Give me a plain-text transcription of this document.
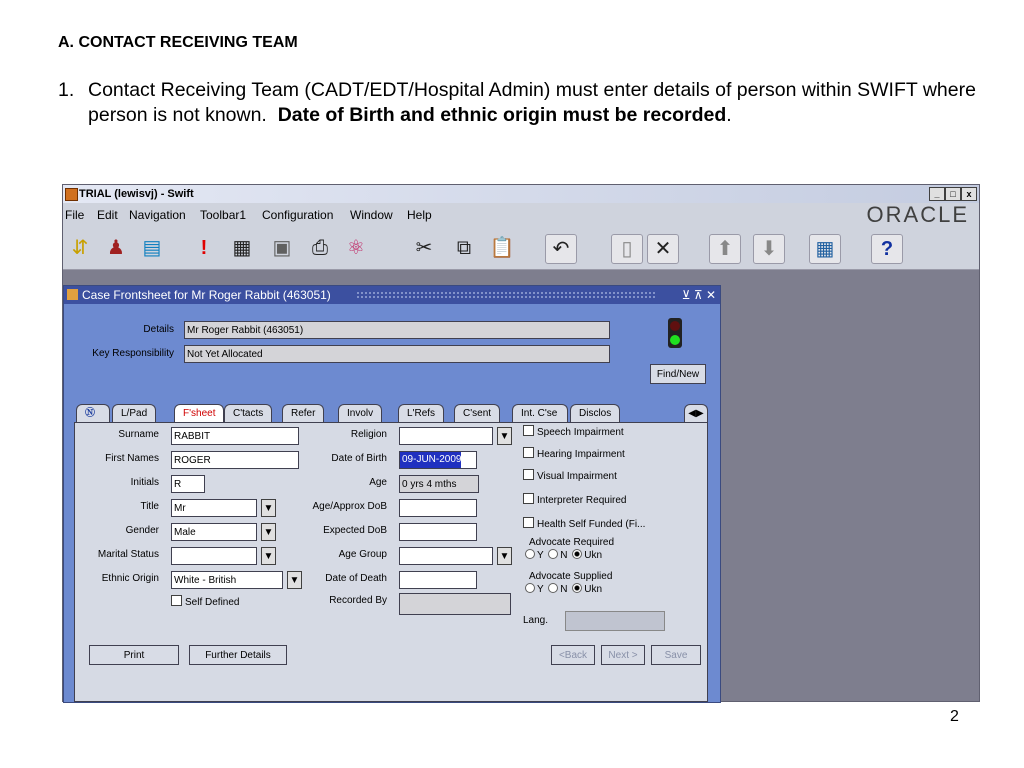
A. CONTACT RECEIVING TEAM
1. Contact Receiving Team (CADT/EDT/Hospital Admin) must enter details of person within SWIFT where person is not known. Date of Birth and ethnic origin must be recorded.
2
TRIAL (lewisvj) - Swift	_	□	x
File Edit Navigation Toolbar1 Configuration Window Help	ORACLE
⇵ ♟ ▤	!	▦ ▣	⎙ ⚛	✂	⧉ 📋	↶	▯	✕	⬆	⬇	▦	?
Case Frontsheet for Mr Roger Rabbit (463051)	⊻ ⊼ ✕
Details	Mr Roger Rabbit (463051)
Key Responsibility	Not Yet Allocated
Find/New
Ⓝ	L/Pad	F'sheet	C'tacts	Refer	Involv	L'Refs	C'sent	Int. C'se	Disclos	◀▶
Surname	RABBIT
First Names	ROGER
Initials	R
Title	Mr	▼
Gender	Male	▼
Marital Status	▼
Ethnic Origin	White - British	▼
Self Defined
Religion	▼
Date of Birth	09-JUN-2009
Age	0 yrs 4 mths
Age/Approx DoB
Expected DoB
Age Group	▼
Date of Death
Recorded By
Speech Impairment
Hearing Impairment
Visual Impairment
Interpreter Required
Health Self Funded (Fi...
Advocate Required
Y N Ukn
Advocate Supplied
Y N Ukn
Lang.
Print	Further Details	<Back	Next >	Save
